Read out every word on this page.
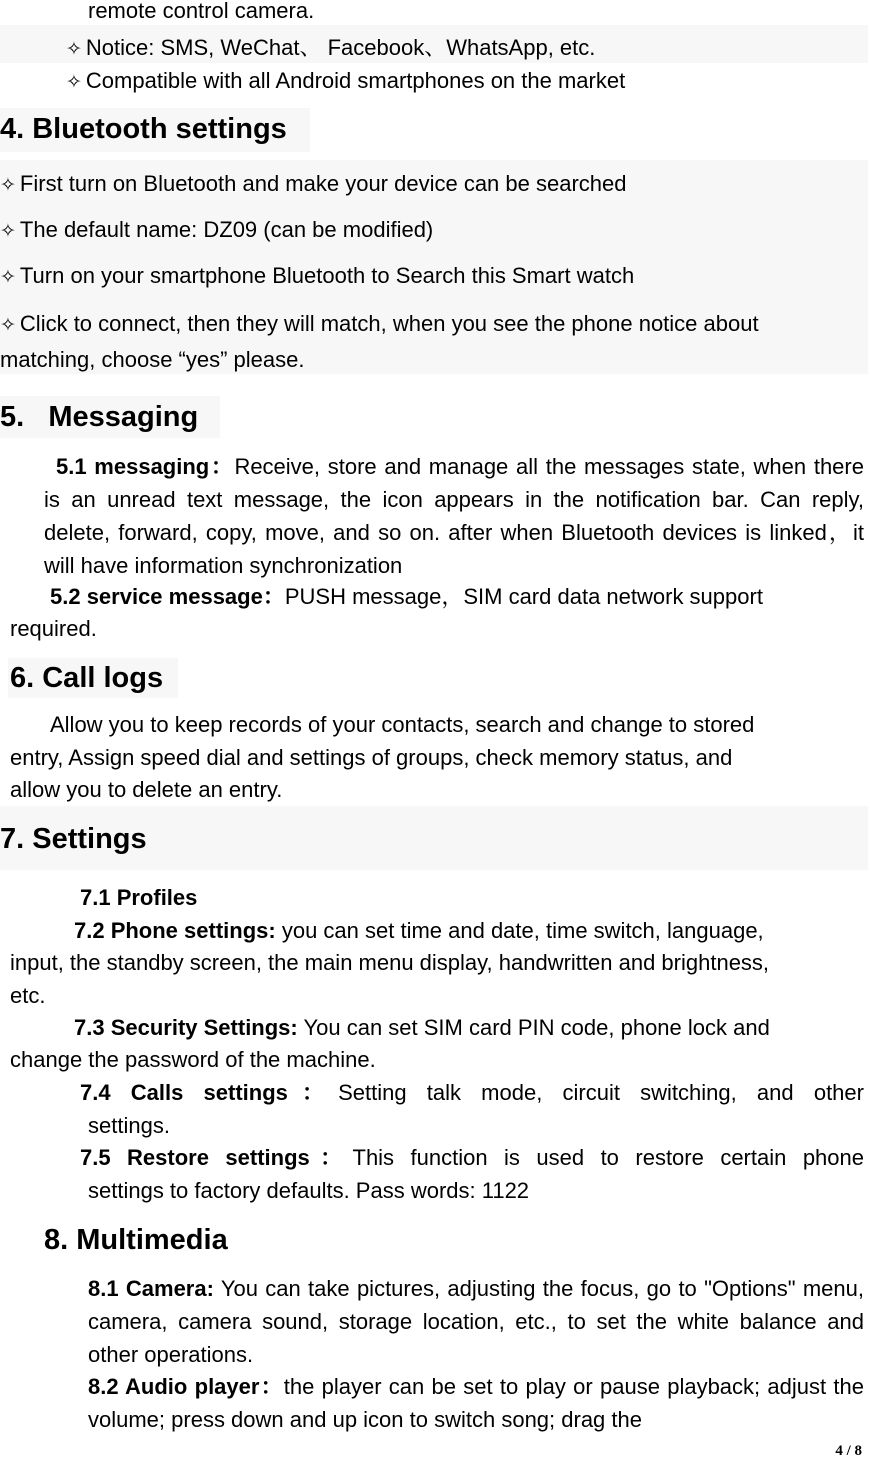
remote control camera.
✧ Notice: SMS, WeChat、 Facebook、WhatsApp, etc.
✧ Compatible with all Android smartphones on the market
4. Bluetooth settings
✧ First turn on Bluetooth and make your device can be searched
✧ The default name: DZ09 (can be modified)
✧ Turn on your smartphone Bluetooth to Search this Smart watch
✧ Click to connect, then they will match, when you see the phone notice about
matching, choose “yes” please.
5.   Messaging
5.1 messaging：Receive, store and manage all the messages state, when there is an unread text message, the icon appears in the notification bar. Can reply, delete, forward, copy, move, and so on. after when Bluetooth devices is linked，it will have information synchronization
5.2 service message：PUSH message，SIM card data network support
required.
6. Call logs
Allow you to keep records of your contacts, search and change to stored
entry, Assign speed dial and settings of groups, check memory status, and
allow you to delete an entry.
7. Settings
7.1 Profiles
7.2 Phone settings: you can set time and date, time switch, language,
input, the standby screen, the main menu display, handwritten and brightness,
etc.
7.3 Security Settings: You can set SIM card PIN code, phone lock and
change the password of the machine.
7.4 Calls settings：Setting talk mode, circuit switching, and other
settings.
7.5 Restore settings：This function is used to restore certain phone
settings to factory defaults. Pass words: 1122
8. Multimedia
8.1 Camera: You can take pictures, adjusting the focus, go to "Options" menu, camera, camera sound, storage location, etc., to set the white balance and other operations.
8.2 Audio player：the player can be set to play or pause playback; adjust the volume; press down and up icon to switch song; drag the
4 / 8
